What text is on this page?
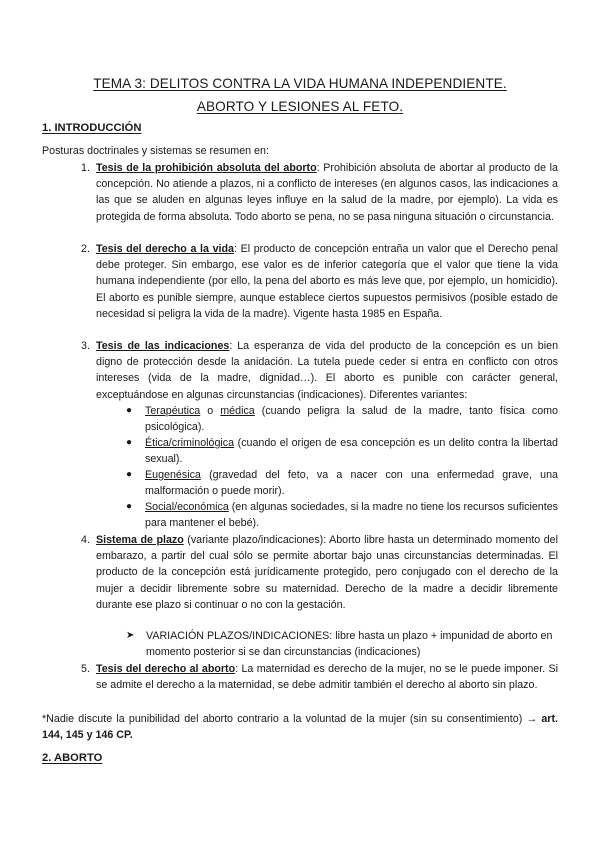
TEMA 3: DELITOS CONTRA LA VIDA HUMANA INDEPENDIENTE.
ABORTO Y LESIONES AL FETO.
1. INTRODUCCIÓN
Posturas doctrinales y sistemas se resumen en:
1. Tesis de la prohibición absoluta del aborto: Prohibición absoluta de abortar al producto de la concepción. No atiende a plazos, ni a conflicto de intereses (en algunos casos, las indicaciones a las que se aluden en algunas leyes influye en la salud de la madre, por ejemplo). La vida es protegida de forma absoluta. Todo aborto se pena, no se pasa ninguna situación o circunstancia.
2. Tesis del derecho a la vida: El producto de concepción entraña un valor que el Derecho penal debe proteger. Sin embargo, ese valor es de inferior categoría que el valor que tiene la vida humana independiente (por ello, la pena del aborto es más leve que, por ejemplo, un homicidio). El aborto es punible siempre, aunque establece ciertos supuestos permisivos (posible estado de necesidad si peligra la vida de la madre). Vigente hasta 1985 en España.
3. Tesis de las indicaciones: La esperanza de vida del producto de la concepción es un bien digno de protección desde la anidación. La tutela puede ceder si entra en conflicto con otros intereses (vida de la madre, dignidad…). El aborto es punible con carácter general, exceptuándose en algunas circunstancias (indicaciones). Diferentes variantes:
● Terapéutica o médica (cuando peligra la salud de la madre, tanto física como psicológica).
● Ética/criminológica (cuando el origen de esa concepción es un delito contra la libertad sexual).
● Eugenésica (gravedad del feto, va a nacer con una enfermedad grave, una malformación o puede morir).
● Social/económica (en algunas sociedades, si la madre no tiene los recursos suficientes para mantener el bebé).
4. Sistema de plazo (variante plazo/indicaciones): Aborto libre hasta un determinado momento del embarazo, a partir del cual sólo se permite abortar bajo unas circunstancias determinadas. El producto de la concepción está jurídicamente protegido, pero conjugado con el derecho de la mujer a decidir libremente sobre su maternidad. Derecho de la madre a decidir libremente durante ese plazo si continuar o no con la gestación.
➤ VARIACIÓN PLAZOS/INDICACIONES: libre hasta un plazo + impunidad de aborto en momento posterior si se dan circunstancias (indicaciones)
5. Tesis del derecho al aborto: La maternidad es derecho de la mujer, no se le puede imponer. Si se admite el derecho a la maternidad, se debe admitir también el derecho al aborto sin plazo.
*Nadie discute la punibilidad del aborto contrario a la voluntad de la mujer (sin su consentimiento) → art. 144, 145 y 146 CP.
2. ABORTO
